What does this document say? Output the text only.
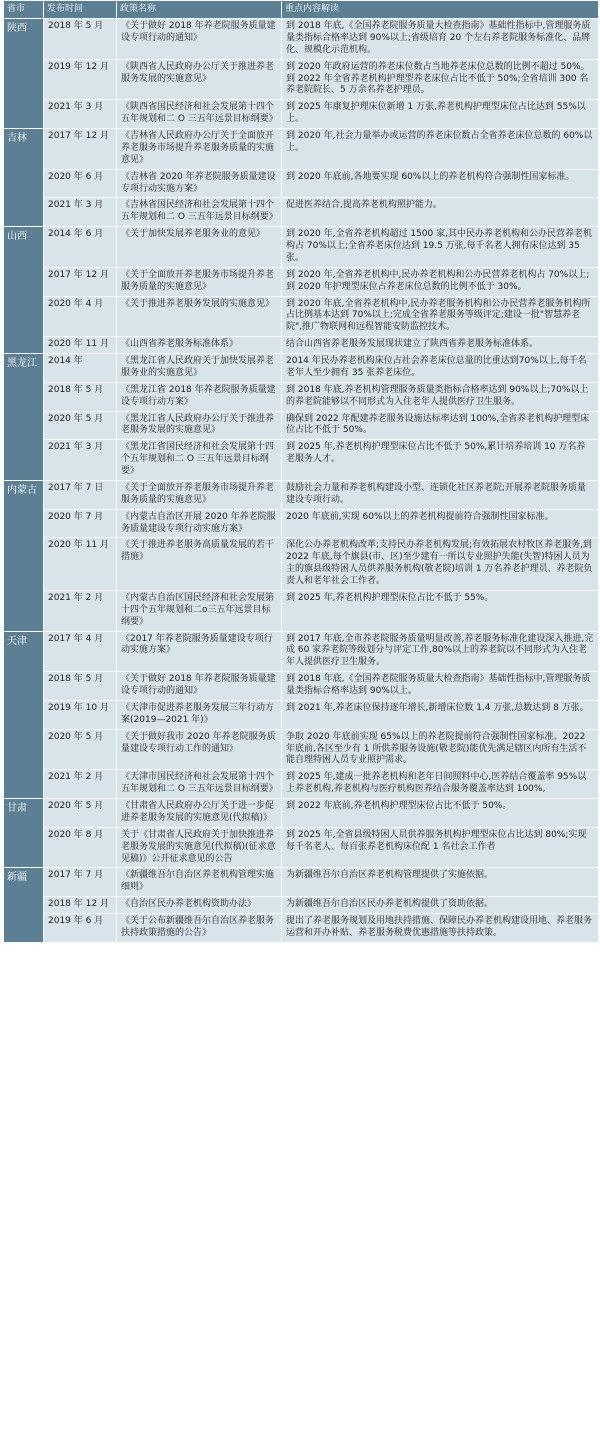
省市	发布时间	政策名称	重点内容解读
陕西	2018 年 5 月	《关于做好 2018 年养老院服务质量建设专项行动的通知》	到 2018 年底,《全国养老院服务质量大检查指南》基础性指标中,管理服务质量类指标合格率达到 90%以上;省级培育 20 个左右养老院服务标准化、品牌化、规模化示范机构。
	2019 年 12 月	《陕西省人民政府办公厅关于推进养老服务发展的实施意见》	到 2020 年政府运营的养老床位数占当地养老床位总数的比例不超过 50%。到 2022 年全省养老机构护理型养老床位占比不低于 50%;全省培训 300 名养老院院长、5 万余名养老护理员。
	2021 年 3 月	《陕西省国民经济和社会发展第十四个五年规划和二 O 三五年远景目标纲要》	到 2025 年康复护理床位新增 1 万张,养老机构护理型床位占比达到 55%以上。
吉林	2017 年 12 月	《吉林省人民政府办公厅关于全面放开养老服务市场提升养老服务质量的实施意见》	到 2020 年,社会力量举办或运营的养老床位数占全省养老床位总数的 60%以上。
	2020 年 6 月	《吉林省 2020 年养老院服务质量建设专项行动实施方案》	到 2020 年底前,各地要实现 60%以上的养老机构符合强制性国家标准。
	2021 年 3 月	《吉林省国民经济和社会发展第十四个五年规划和二 O 三五年远景目标纲要》	促进医养结合,提高养老机构照护能力。
山西	2014 年 6 月	《关于加快发展养老服务业的意见》	到 2020 年,全省养老机构超过 1500 家,其中民办养老机构和公办民营养老机构占 70%以上;全省养老床位达到 19.5 万张,每千名老人拥有床位达到 35 张。
	2017 年 12 月	《关于全面放开养老服务市场提升养老服务质量的实施意见》	到 2020 年,全省养老机构中,民办养老机构和公办民营养老机构占 70%以上;到 2020 年护理型床位占养老床位总数的比例不低于 30%。
	2020 年 4 月	《关于推进养老服务发展的实施意见》	到 2020 年底,全省养老机构中,民办养老服务机构和公办民营养老服务机构所占比例基本达到 70%以上;完成全省养老服务等级评定;建设一批"智慧养老院",推广物联网和远程智能安防监控技术。
	2020 年 11 月	《山西省养老服务标准体系》	结合山西省养老服务发展现状建立了陕西省养老服务标准体系。
黑龙江	2014 年	《黑龙江省人民政府关于加快发展养老服务业的实施意见》	2014 年民办养老机构床位占社会养老床位总量的比重达到70%以上,每千名老年人至少拥有 35 张养老床位。
	2018 年 5 月	《黑龙江省 2018 年养老院服务质量建设专项行动方案》	到 2018 年底,养老机构管理服务质量类指标合格率达到 90%以上;70%以上的养老院能够以不同形式为入住老年人提供医疗卫生服务。
	2020 年 5 月	《黑龙江省人民政府办公厅关于推进养老服务发展的实施意见》	确保到 2022 年配建养老服务设施达标率达到 100%,全省养老机构护理型床位占比不低于 50%。
	2021 年 3 月	《黑龙江省国民经济和社会发展第十四个五年规划和二 O 三五年远景目标纲要》	到 2025 年,养老机构护理型床位占比不低于 50%,累计培养培训 10 万名养老服务人才。
内蒙古	2017 年 7 日	《关于全面放开养老服务市场提升养老服务质量的实施意见》	鼓励社会力量和养老机构建设小型、连锁化社区养老院;开展养老院服务质量建设专项行动。
	2020 年 7 月	《内蒙古自治区开展 2020 年养老院服务质量建设专项行动实施方案》	2020 年底前,实现 60%以上的养老机构提前符合强制性国家标准。
	2020 年 11 月	《关于推进养老服务高质量发展的若干措施》	深化公办养老机构改革;支持民办养老机构发展;有效拓展农村牧区养老服务,到 2022 年底,每个旗县(市、区)至少建有一所以专业照护失能(失智)特困人员为主的旗县级特困人员供养服务机构(敬老院)培训 1 万名养老护理员、养老院负责人和老年社会工作者。
	2021 年 2 月	《内蒙古自治区国民经济和社会发展第十四个五年规划和二o三五年远景目标纲要》	到 2025 年,养老机构护理型床位占比不低于 55%。
天津	2017 年 4 月	《2017 年养老院服务质量建设专项行动实施方案》	到 2017 年底,全市养老院服务质量明显改善,养老服务标准化建设深入推进,完成 60 家养老院等级划分与评定工作,80%以上的养老院以不同形式为入住老年人提供医疗卫生服务。
	2018 年 5 月	《关于做好 2018 年养老院服务质量建设专项行动的通知》	到 2018 年底,《全国养老院服务质量大检查指南》基础性指标中,管理服务质量类指标合格率达到 90%以上。
	2019 年 10 月	《天津市促进养老服务发展三年行动方案(2019—2021 年)》	到 2021 年,养老床位保持逐年增长,新增床位数 1.4 万张,总数达到 8 万张。
	2020 年 5 月	《关于做好我市 2020 年养老院服务质量建设专项行动工作的通知》	争取 2020 年底前实现 65%以上的养老院提前符合强制性国家标准。2022 年底前,各区至少有 1 所供养服务设施(敬老院)能优先满足辖区内所有生活不能自理特困人员专业照护需求。
	2021 年 2 月	《天津市国民经济和社会发展第十四个五年规划和二 O 三五年远景目标纲要》	到 2025 年,建成一批养老机构和老年日间照料中心,医养结合覆盖率 95%以上养老机构,养老机构与医疗机构医养结合服务覆盖率达到 100%,
甘肃	2020 年 5 月	《甘肃省人民政府办公厅关于进一步促进养老服务发展的实施意见(代拟稿)》	到 2022 年底前,养老机构护理型床位占比不低于 50%。
	2020 年 8 月	关于《甘肃省人民政府关于加快推进养老服务发展的实施意见(代拟稿)(征求意见稿)》公开征求意见的公告	到 2025 年,全省县级特困人员供养服务机构护理型床位占比达到 80%;实现每千名老人、每百张养老机构床位配 1 名社会工作者
新疆	2017 年 7 月	《新疆维吾尔自治区养老机构管理实施细则》	为新疆维吾尔自治区养老机构管理提供了实施依据。
	2018 年 12 月	《自治区民办养老机构资助办法》	为新疆维吾尔自治区民办养老机构提供了资助依据。
	2019 年 6 月	《关于公布新疆维吾尔自治区养老服务扶持政策措施的公告》	提出了养老服务规划及用地扶持措施、保障民办养老机构建设用地、养老服务运营和开办补贴、养老服务税费优惠措施等扶持政策。
